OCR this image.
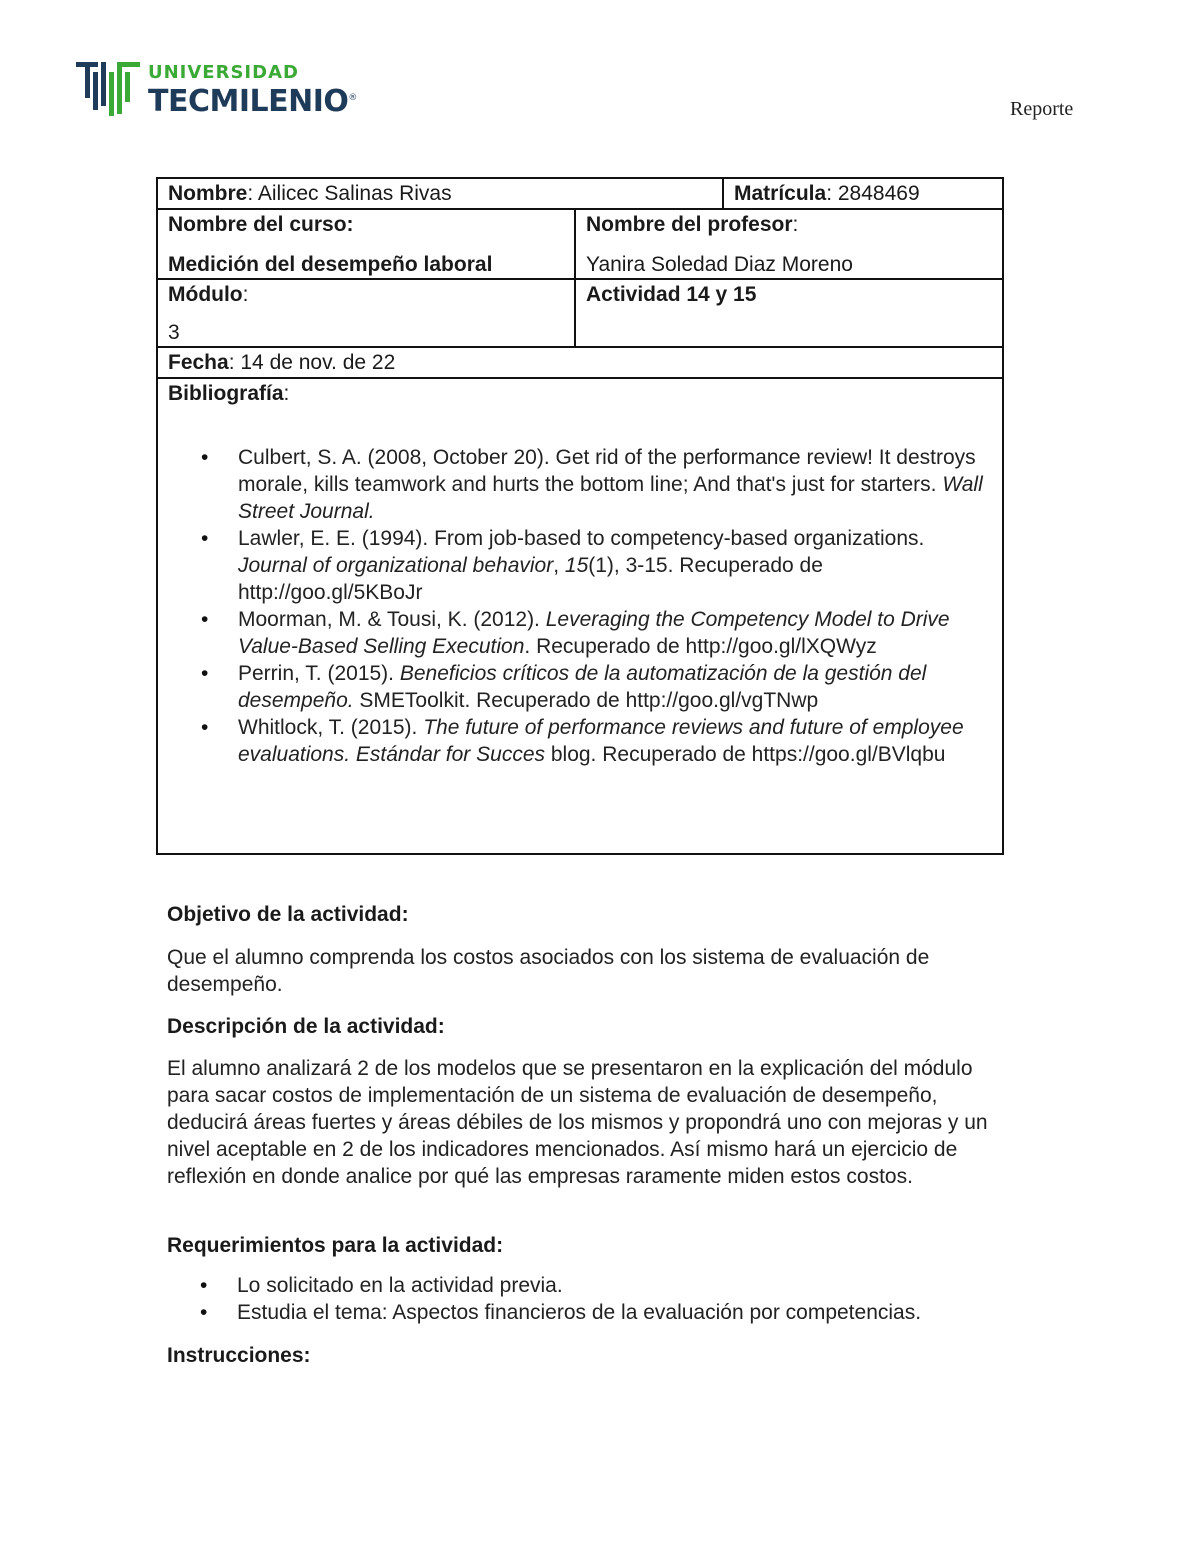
UNIVERSIDAD
TECMILENIO®	Reporte
Nombre: Ailicec Salinas Rivas	Matrícula: 2848469
Nombre del curso:
Medición del desempeño laboral
Nombre del profesor:
Yanira Soledad Diaz Moreno
Módulo:
3
Actividad 14 y 15
Fecha: 14 de nov. de 22
Bibliografía:
• Culbert, S. A. (2008, October 20). Get rid of the performance review! It destroys morale, kills teamwork and hurts the bottom line; And that's just for starters. Wall Street Journal.
• Lawler, E. E. (1994). From job-based to competency-based organizations. Journal of organizational behavior, 15(1), 3-15. Recuperado de http://goo.gl/5KBoJr
• Moorman, M. & Tousi, K. (2012). Leveraging the Competency Model to Drive Value-Based Selling Execution. Recuperado de http://goo.gl/lXQWyz
• Perrin, T. (2015). Beneficios críticos de la automatización de la gestión del desempeño. SMEToolkit. Recuperado de http://goo.gl/vgTNwp
• Whitlock, T. (2015). The future of performance reviews and future of employee evaluations. Estándar for Succes blog. Recuperado de https://goo.gl/BVlqbu
Objetivo de la actividad:
Que el alumno comprenda los costos asociados con los sistema de evaluación de desempeño.
Descripción de la actividad:
El alumno analizará 2 de los modelos que se presentaron en la explicación del módulo para sacar costos de implementación de un sistema de evaluación de desempeño, deducirá áreas fuertes y áreas débiles de los mismos y propondrá uno con mejoras y un nivel aceptable en 2 de los indicadores mencionados. Así mismo hará un ejercicio de reflexión en donde analice por qué las empresas raramente miden estos costos.
Requerimientos para la actividad:
• Lo solicitado en la actividad previa.
• Estudia el tema: Aspectos financieros de la evaluación por competencias.
Instrucciones:
